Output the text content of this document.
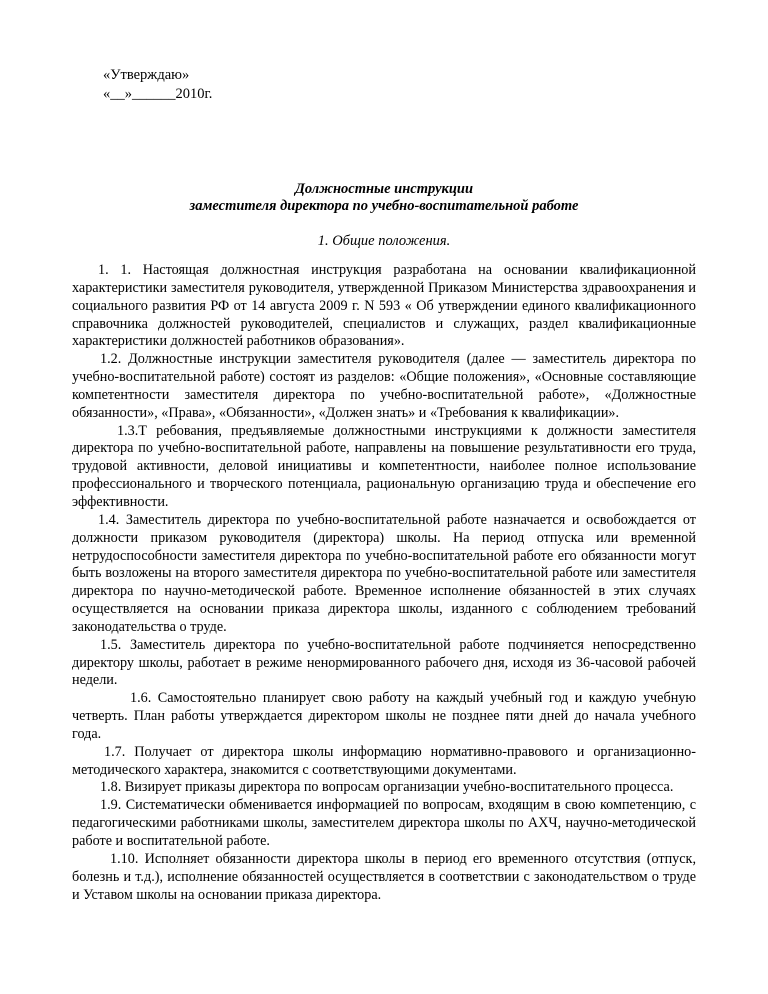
«Утверждаю»
«__»______2010г.
Должностные инструкции
заместителя директора по учебно-воспитательной работе
1. Общие положения.

1. 1. Настоящая должностная инструкция разработана на основании квалификационной характеристики заместителя руководителя, утвержденной Приказом Министерства здравоохранения и социального развития РФ от 14 августа 2009 г. N 593 « Об утверждении единого квалификационного справочника должностей руководителей, специалистов и служащих, раздел квалификационные характеристики должностей работников образования».

1.2. Должностные инструкции заместителя руководителя (далее — заместитель директора по учебно-воспитательной работе) состоят из разделов: «Общие положения», «Основные составляющие компетентности заместителя директора по учебно-воспитательной работе», «Должностные обязанности», «Права», «Обязанности», «Должен знать» и «Требования к квалификации».

1.3.Т ребования, предъявляемые должностными инструкциями к должности заместителя директора по учебно-воспитательной работе, направлены на повышение результативности его труда, трудовой активности, деловой инициативы и компетентности, наиболее полное использование профессионального и творческого потенциала, рациональную организацию труда и обеспечение его эффективности.

1.4. Заместитель директора по учебно-воспитательной работе назначается и освобождается от должности приказом руководителя (директора) школы. На период отпуска или временной нетрудоспособности заместителя директора по учебно-воспитательной работе его обязанности могут быть возложены на второго заместителя директора по учебно-воспитательной работе или заместителя директора по научно-методической работе. Временное исполнение обязанностей в этих случаях осуществляется на основании приказа директора школы, изданного с соблюдением требований законодательства о труде.

1.5. Заместитель директора по учебно-воспитательной работе подчиняется непосредственно директору школы, работает в режиме ненормированного рабочего дня, исходя из 36-часовой рабочей недели.

1.6. Самостоятельно планирует свою работу на каждый учебный год и каждую учебную четверть. План работы утверждается директором школы не позднее пяти дней до начала учебного года.

1.7. Получает от директора школы информацию нормативно-правового и организационно-методического характера, знакомится с соответствующими документами.

1.8. Визирует приказы директора по вопросам организации учебно-воспитательного процесса.

1.9. Систематически обменивается информацией по вопросам, входящим в свою компетенцию, с педагогическими работниками школы, заместителем директора школы по АХЧ, научно-методической работе и воспитательной работе.

1.10. Исполняет обязанности директора школы в период его временного отсутствия (отпуск, болезнь и т.д.), исполнение обязанностей осуществляется в соответствии с законодательством о труде и Уставом школы на основании приказа директора.
